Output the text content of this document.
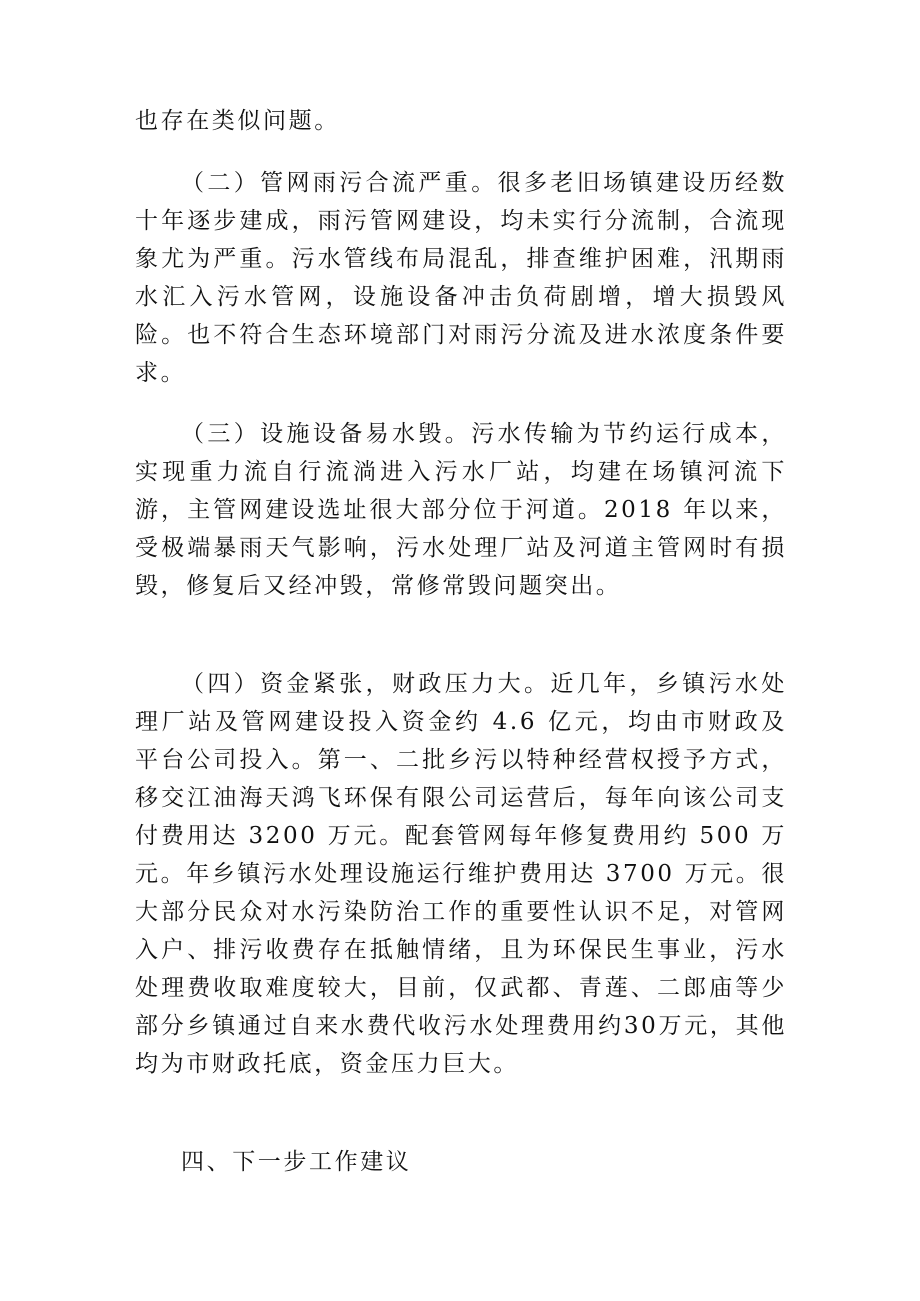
也存在类似问题。
（二）管网雨污合流严重。很多老旧场镇建设历经数十年逐步建成，雨污管网建设，均未实行分流制，合流现象尤为严重。污水管线布局混乱，排查维护困难，汛期雨水汇入污水管网，设施设备冲击负荷剧增，增大损毁风险。也不符合生态环境部门对雨污分流及进水浓度条件要求。
（三）设施设备易水毁。污水传输为节约运行成本，实现重力流自行流淌进入污水厂站，均建在场镇河流下游，主管网建设选址很大部分位于河道。2018 年以来，受极端暴雨天气影响，污水处理厂站及河道主管网时有损毁，修复后又经冲毁，常修常毁问题突出。
（四）资金紧张，财政压力大。近几年，乡镇污水处理厂站及管网建设投入资金约 4.6 亿元，均由市财政及平台公司投入。第一、二批乡污以特种经营权授予方式，移交江油海天鸿飞环保有限公司运营后，每年向该公司支付费用达 3200 万元。配套管网每年修复费用约 500 万元。年乡镇污水处理设施运行维护费用达 3700 万元。很大部分民众对水污染防治工作的重要性认识不足，对管网入户、排污收费存在抵触情绪，且为环保民生事业，污水处理费收取难度较大，目前，仅武都、青莲、二郎庙等少部分乡镇通过自来水费代收污水处理费用约30万元，其他均为市财政托底，资金压力巨大。
四、下一步工作建议
